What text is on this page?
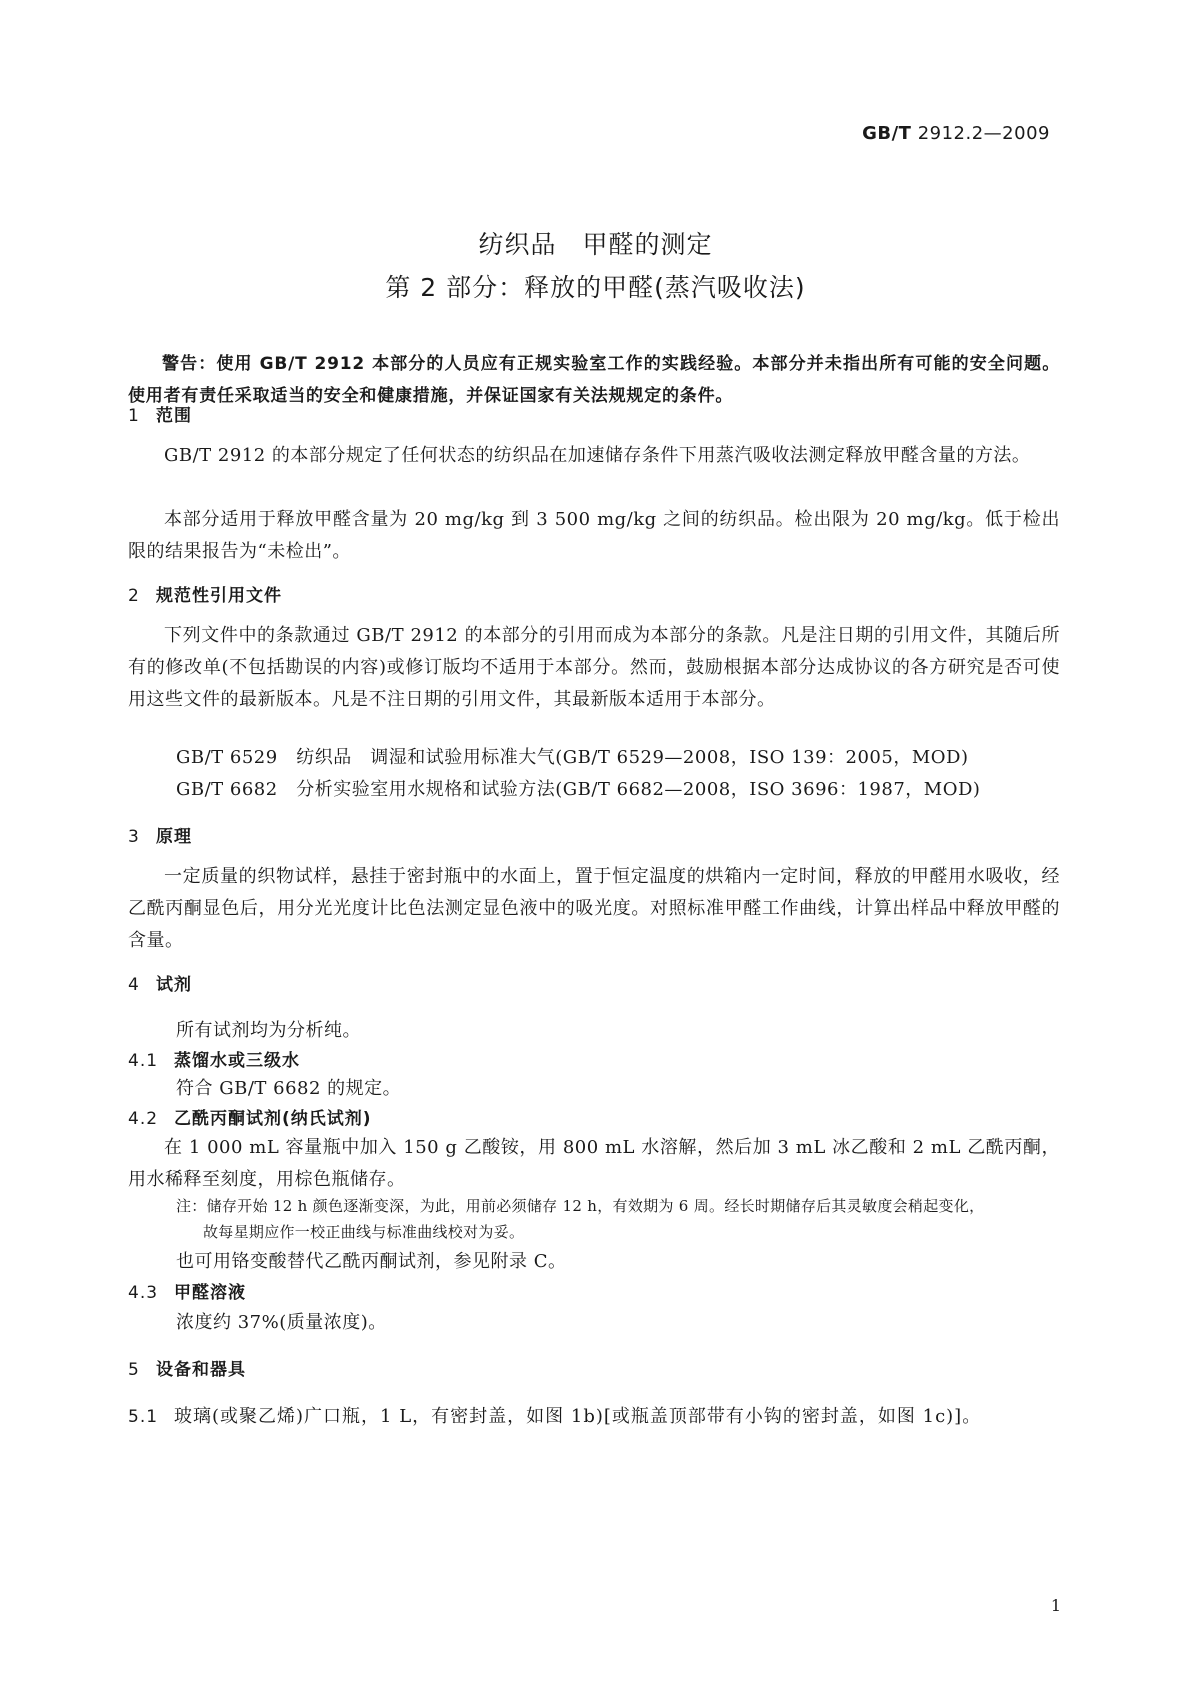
GB/T 2912.2—2009
纺织品　甲醛的测定
第 2 部分：释放的甲醛(蒸汽吸收法)
警告：使用 GB/T 2912 本部分的人员应有正规实验室工作的实践经验。本部分并未指出所有可能的安全问题。使用者有责任采取适当的安全和健康措施，并保证国家有关法规规定的条件。
1 范围
GB/T 2912 的本部分规定了任何状态的纺织品在加速储存条件下用蒸汽吸收法测定释放甲醛含量的方法。
本部分适用于释放甲醛含量为 20 mg/kg 到 3 500 mg/kg 之间的纺织品。检出限为 20 mg/kg。低于检出限的结果报告为“未检出”。
2 规范性引用文件
下列文件中的条款通过 GB/T 2912 的本部分的引用而成为本部分的条款。凡是注日期的引用文件，其随后所有的修改单(不包括勘误的内容)或修订版均不适用于本部分。然而，鼓励根据本部分达成协议的各方研究是否可使用这些文件的最新版本。凡是不注日期的引用文件，其最新版本适用于本部分。
GB/T 6529　纺织品　调湿和试验用标准大气(GB/T 6529—2008，ISO 139：2005，MOD)
GB/T 6682　分析实验室用水规格和试验方法(GB/T 6682—2008，ISO 3696：1987，MOD)
3 原理
一定质量的织物试样，悬挂于密封瓶中的水面上，置于恒定温度的烘箱内一定时间，释放的甲醛用水吸收，经乙酰丙酮显色后，用分光光度计比色法测定显色液中的吸光度。对照标准甲醛工作曲线，计算出样品中释放甲醛的含量。
4 试剂
所有试剂均为分析纯。
4.1 蒸馏水或三级水
符合 GB/T 6682 的规定。
4.2 乙酰丙酮试剂(纳氏试剂)
在 1 000 mL 容量瓶中加入 150 g 乙酸铵，用 800 mL 水溶解，然后加 3 mL 冰乙酸和 2 mL 乙酰丙酮，用水稀释至刻度，用棕色瓶储存。
注：储存开始 12 h 颜色逐渐变深，为此，用前必须储存 12 h，有效期为 6 周。经长时期储存后其灵敏度会稍起变化，
故每星期应作一校正曲线与标准曲线校对为妥。
也可用铬变酸替代乙酰丙酮试剂，参见附录 C。
4.3 甲醛溶液
浓度约 37%(质量浓度)。
5 设备和器具
5.1 玻璃(或聚乙烯)广口瓶，1 L，有密封盖，如图 1b)[或瓶盖顶部带有小钩的密封盖，如图 1c)]。
1
